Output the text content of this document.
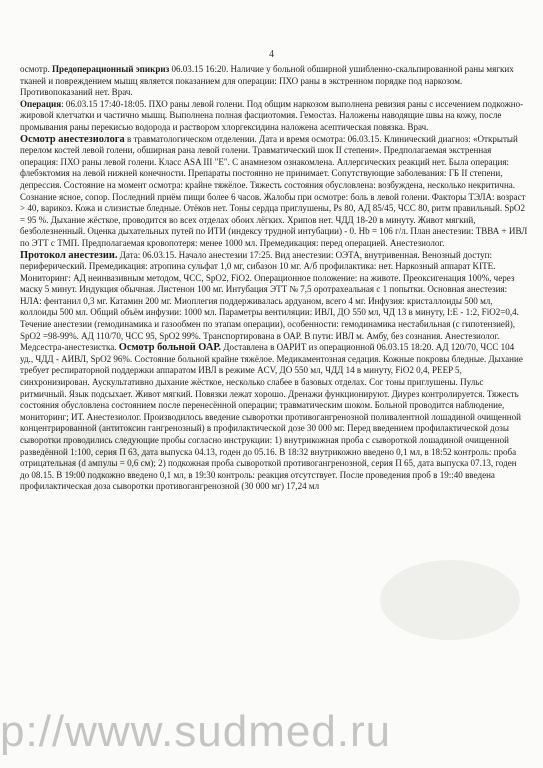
4

осмотр. Предоперационный эпикриз 06.03.15 16:20. Наличие у больной обширной ушибленно-скальпированной раны мягких тканей и повреждением мышц является показанием для операции: ПХО раны в экстренном порядке под наркозом. Противопоказаний нет. Врач.

Операция: 06.03.15 17:40-18:05. ПХО раны левой голени. Под общим наркозом выполнена ревизия раны с иссечением подкожно-жировой клетчатки и частично мышц. Выполнена полная фасциотомия. Гемостаз. Наложены наводящие швы на кожу, после промывания раны перекисью водорода и раствором хлоргексидина наложена асептическая повязка. Врач.

Осмотр анестезиолога в травматологическом отделении. Дата и время осмотра: 06.03.15. Клинический диагноз: «Открытый перелом костей левой голени, обширная рана левой голени. Травматический шок II степени». Предполагаемая экстренная операция: ПХО раны левой голени. Класс ASA III "Е". С анамнезом ознакомлена. Аллергических реакций нет. Была операция: флебэктомия на левой нижней конечности. Препараты постоянно не принимает. Сопутствующие заболевания: ГБ II степени, депрессия. Состояние на момент осмотра: крайне тяжёлое. Тяжесть состояния обусловлена: возбуждена, несколько некритична. Сознание ясное, сопор. Последний приём пищи более 6 часов. Жалобы при осмотре: боль в левой голени. Факторы ТЭЛА: возраст > 40, варикоз. Кожа и слизистые бледные. Отёков нет. Тоны сердца приглушены, Ps 80, АД 85/45, ЧСС 80, ритм правильный. SpO2 = 95 %. Дыхание жёсткое, проводится во всех отделах обоих лёгких. Хрипов нет. ЧДД 18-20 в минуту. Живот мягкий, безболезненный. Оценка дыхательных путей по ИТИ (индексу трудной интубации) - 0. Hb = 106 г/л. План анестезии: ТВВА + ИВЛ по ЭТТ с ТМП. Предполагаемая кровопотеря: менее 1000 мл. Премедикация: перед операцией. Анестезиолог.

Протокол анестезии. Дата: 06.03.15. Начало анестезии 17:25. Вид анестезии: ОЭТА, внутривенная. Венозный доступ: периферический. Премедикация: атропина сульфат 1,0 мг, сибазон 10 мг. А/б профилактика: нет. Наркозный аппарат KITE. Мониторинг: АД неинвазивным методом, ЧСС, SpO2, FiO2. Операционное положение: на животе. Преоксигенация 100%, через маску 5 минут. Индукция обычная. Листенон 100 мг. Интубация ЭТТ № 7,5 оротрахеальная с 1 попытки. Основная анестезия: НЛА: фентанил 0,3 мг. Катамин 200 мг. Миоплегия поддерживалась ардуаном, всего 4 мг. Инфузия: кристаллоиды 500 мл, коллоиды 500 мл. Общий объём инфузии: 1000 мл. Параметры вентиляции: ИВЛ, ДО 550 мл, ЧД 13 в минуту, I:E - 1:2, FiO2=0,4. Течение анестезии (гемодинамика и газообмен по этапам операции), особенности: гемодинамика нестабильная (с гипотензией), SpO2 =98-99%. АД 110/70, ЧСС 95, SpO2 99%. Транспортирована в ОАР. В пути: ИВЛ м. Амбу, без сознания. Анестезиолог. Медсестра-анестезистка. Осмотр больной ОАР. Доставлена в ОАРИТ из операционной 06.03.15 18:20. АД 120/70, ЧСС 104 уд., ЧДД - АИВЛ, SpO2 96%. Состояние больной крайне тяжёлое. Медикаментозная седация. Кожные покровы бледные. Дыхание требует респираторной поддержки аппаратом ИВЛ в режиме ACV, ДО 550 мл, ЧДД 14 в минуту, FiO2 0,4, PEEP 5, синхронизирован. Аускультативно дыхание жёсткое, несколько слабее в базовых отделах. Сог тоны приглушены. Пульс ритмичный. Язык подсыхает. Живот мягкий. Повязки лежат хорошо. Дренажи функционируют. Диурез контролируется. Тяжесть состояния обусловлена состоянием после перенесённой операции; травматическим шоком. Больной проводится наблюдение, мониторинг; ИТ. Анестезиолог. Производилось введение сыворотки противогангренозной поливалентной лошадиной очищенной концентрированной (антитоксин гангренозный) в профилактической дозе 30 000 мг. Перед введением профилактической дозы сыворотки проводились следующие пробы согласно инструкции: 1) внутрикожная проба с сывороткой лошадиной очищенной разведённой 1:100, серия П 63, дата выпуска 04.13, годен до 05.16. В 18:32 внутрикожно введено 0,1 мл, в 18:52 контроль: проба отрицательная (d ампулы = 0,6 см); 2) подкожная проба сывороткой противогангренозной, серия П 65, дата выпуска 07.13, годен до 08.15. В 19:00 подкожно введено 0,1 мл, в 19:30 контроль: реакция отсутствует. После проведения проб в 19::40 введена профилактическая доза сыворотки противогангренозной (30 000 мг) 17,24 мл

p://www.sudmed.ru
